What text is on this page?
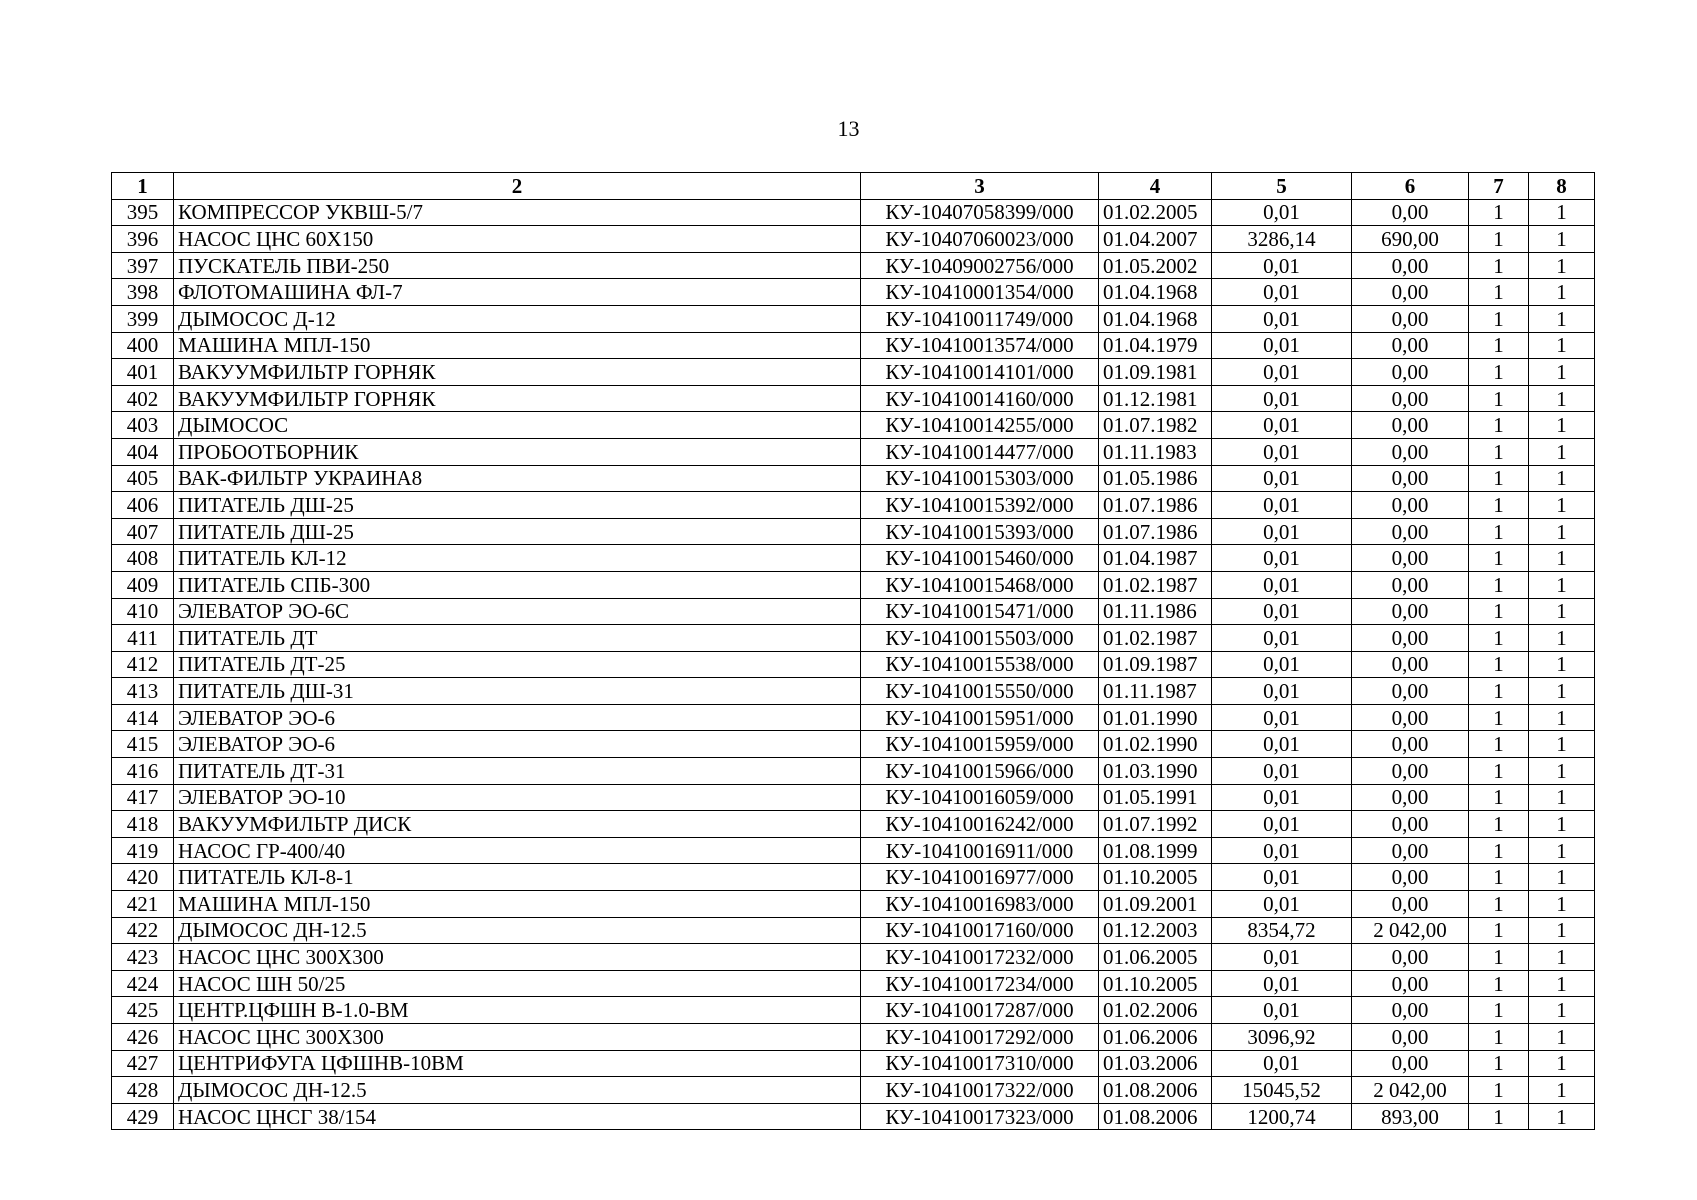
13
1	2	3	4	5	6	7	8
395	КОМПРЕССОР УКВШ-5/7	КУ-10407058399/000	01.02.2005	0,01	0,00	1	1
396	НАСОС ЦНС 60Х150	КУ-10407060023/000	01.04.2007	3286,14	690,00	1	1
397	ПУСКАТЕЛЬ ПВИ-250	КУ-10409002756/000	01.05.2002	0,01	0,00	1	1
398	ФЛОТОМАШИНА ФЛ-7	КУ-10410001354/000	01.04.1968	0,01	0,00	1	1
399	ДЫМОСОС Д-12	КУ-10410011749/000	01.04.1968	0,01	0,00	1	1
400	МАШИНА МПЛ-150	КУ-10410013574/000	01.04.1979	0,01	0,00	1	1
401	ВАКУУМФИЛЬТР ГОРНЯК	КУ-10410014101/000	01.09.1981	0,01	0,00	1	1
402	ВАКУУМФИЛЬТР ГОРНЯК	КУ-10410014160/000	01.12.1981	0,01	0,00	1	1
403	ДЫМОСОС	КУ-10410014255/000	01.07.1982	0,01	0,00	1	1
404	ПРОБООТБОРНИК	КУ-10410014477/000	01.11.1983	0,01	0,00	1	1
405	ВАК-ФИЛЬТР УКРАИНА8	КУ-10410015303/000	01.05.1986	0,01	0,00	1	1
406	ПИТАТЕЛЬ ДШ-25	КУ-10410015392/000	01.07.1986	0,01	0,00	1	1
407	ПИТАТЕЛЬ ДШ-25	КУ-10410015393/000	01.07.1986	0,01	0,00	1	1
408	ПИТАТЕЛЬ КЛ-12	КУ-10410015460/000	01.04.1987	0,01	0,00	1	1
409	ПИТАТЕЛЬ СПБ-300	КУ-10410015468/000	01.02.1987	0,01	0,00	1	1
410	ЭЛЕВАТОР ЭО-6С	КУ-10410015471/000	01.11.1986	0,01	0,00	1	1
411	ПИТАТЕЛЬ ДТ	КУ-10410015503/000	01.02.1987	0,01	0,00	1	1
412	ПИТАТЕЛЬ ДТ-25	КУ-10410015538/000	01.09.1987	0,01	0,00	1	1
413	ПИТАТЕЛЬ ДШ-31	КУ-10410015550/000	01.11.1987	0,01	0,00	1	1
414	ЭЛЕВАТОР ЭО-6	КУ-10410015951/000	01.01.1990	0,01	0,00	1	1
415	ЭЛЕВАТОР ЭО-6	КУ-10410015959/000	01.02.1990	0,01	0,00	1	1
416	ПИТАТЕЛЬ ДТ-31	КУ-10410015966/000	01.03.1990	0,01	0,00	1	1
417	ЭЛЕВАТОР ЭО-10	КУ-10410016059/000	01.05.1991	0,01	0,00	1	1
418	ВАКУУМФИЛЬТР ДИСК	КУ-10410016242/000	01.07.1992	0,01	0,00	1	1
419	НАСОС ГР-400/40	КУ-10410016911/000	01.08.1999	0,01	0,00	1	1
420	ПИТАТЕЛЬ КЛ-8-1	КУ-10410016977/000	01.10.2005	0,01	0,00	1	1
421	МАШИНА МПЛ-150	КУ-10410016983/000	01.09.2001	0,01	0,00	1	1
422	ДЫМОСОС ДН-12.5	КУ-10410017160/000	01.12.2003	8354,72	2 042,00	1	1
423	НАСОС ЦНС 300Х300	КУ-10410017232/000	01.06.2005	0,01	0,00	1	1
424	НАСОС ШН 50/25	КУ-10410017234/000	01.10.2005	0,01	0,00	1	1
425	ЦЕНТР.ЦФШН В-1.0-ВМ	КУ-10410017287/000	01.02.2006	0,01	0,00	1	1
426	НАСОС ЦНС 300Х300	КУ-10410017292/000	01.06.2006	3096,92	0,00	1	1
427	ЦЕНТРИФУГА ЦФШНВ-10ВМ	КУ-10410017310/000	01.03.2006	0,01	0,00	1	1
428	ДЫМОСОС ДН-12.5	КУ-10410017322/000	01.08.2006	15045,52	2 042,00	1	1
429	НАСОС ЦНСГ 38/154	КУ-10410017323/000	01.08.2006	1200,74	893,00	1	1
